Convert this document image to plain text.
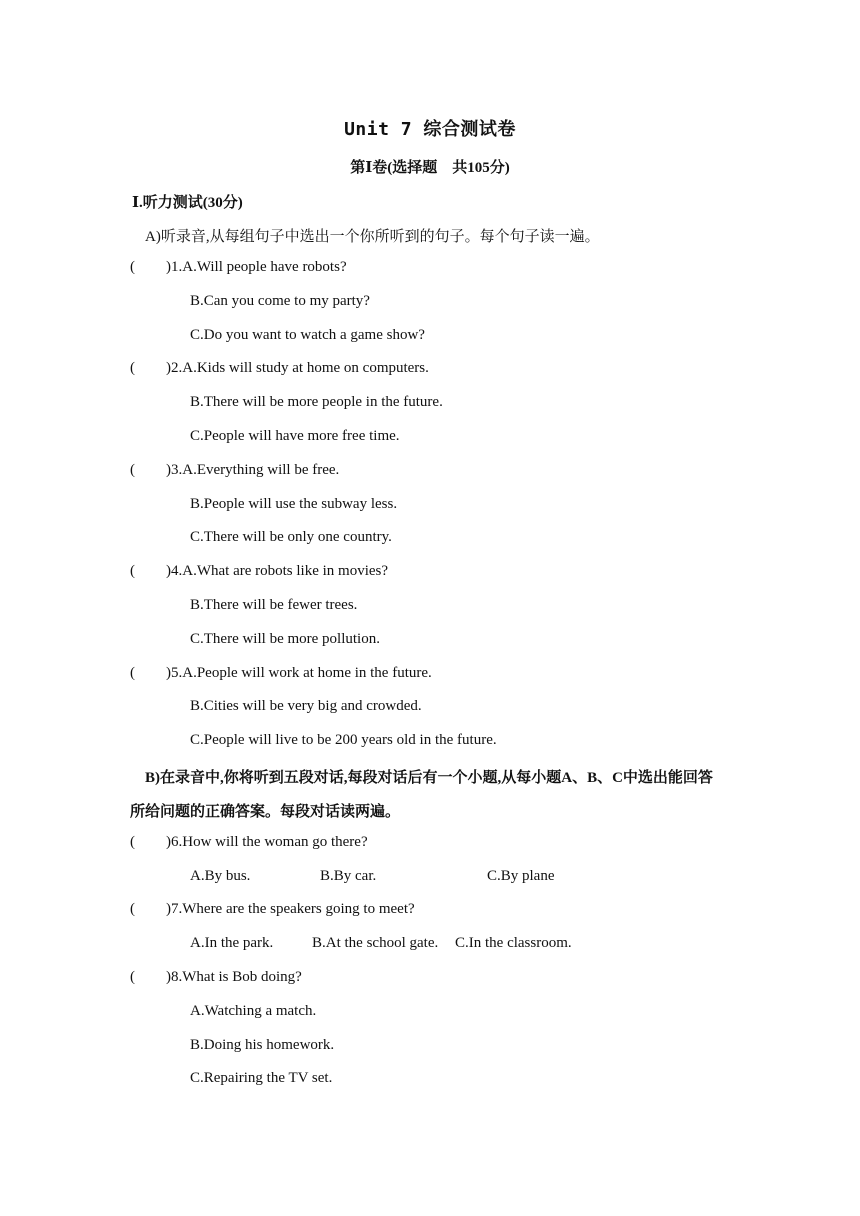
Unit 7 综合测试卷
第Ⅰ卷(选择题　共105分)
Ⅰ.听力测试(30分)
A)听录音,从每组句子中选出一个你所听到的句子。每个句子读一遍。
( )1.A.Will people have robots?
B.Can you come to my party?
C.Do you want to watch a game show?
( )2.A.Kids will study at home on computers.
B.There will be more people in the future.
C.People will have more free time.
( )3.A.Everything will be free.
B.People will use the subway less.
C.There will be only one country.
( )4.A.What are robots like in movies?
B.There will be fewer trees.
C.There will be more pollution.
( )5.A.People will work at home in the future.
B.Cities will be very big and crowded.
C.People will live to be 200 years old in the future.
B)在录音中,你将听到五段对话,每段对话后有一个小题,从每小题A、B、C中选出能回答
所给问题的正确答案。每段对话读两遍。
( )6.How will the woman go there?
A.By bus.	B.By car.	C.By plane
( )7.Where are the speakers going to meet?
A.In the park.	B.At the school gate. C.In the classroom.
( )8.What is Bob doing?
A.Watching a match.
B.Doing his homework.
C.Repairing the TV set.
